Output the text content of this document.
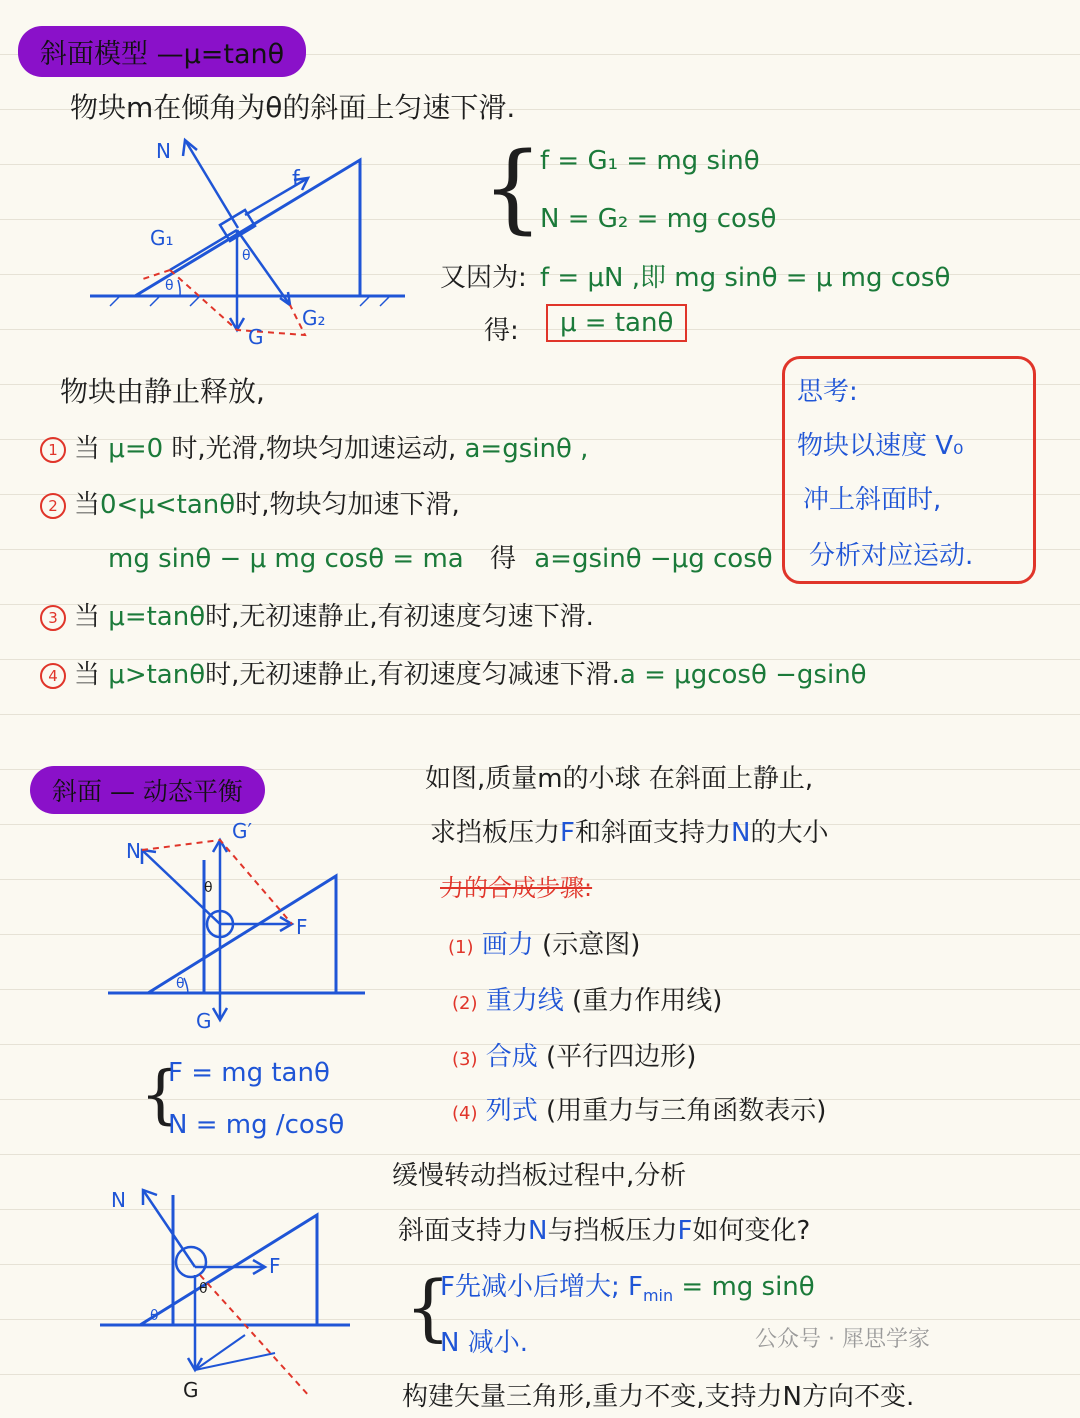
斜面模型 —μ=tanθ
物块m在倾角为θ的斜面上匀速下滑.
θ
θ
N
f
G₁
G₂
G
{
f = G₁ = mg sinθ
N = G₂ = mg cosθ
又因为: f = μN ,即 mg sinθ = μ mg cosθ
得:	μ = tanθ
物块由静止释放,
1 当 μ=0 时,光滑,物块匀加速运动, a=gsinθ ,
2 当0<μ<tanθ时,物块匀加速下滑,
mg sinθ − μ mg cosθ = ma 得 a=gsinθ −μg cosθ
3 当 μ=tanθ时,无初速静止,有初速度匀速下滑.
4 当 μ>tanθ时,无初速静止,有初速度匀减速下滑.a = μgcosθ −gsinθ
思考:
物块以速度 V₀
冲上斜面时,
分析对应运动.
斜面 — 动态平衡	如图,质量m的小球 在斜面上静止,
求挡板压力F和斜面支持力N的大小
力的合成步骤:
(1) 画力 (示意图)
(2) 重力线 (重力作用线)
(3) 合成 (平行四边形)
(4) 列式 (用重力与三角函数表示)
θ
θ
N
G′
F
G
{
F = mg tanθ
N = mg /cosθ
缓慢转动挡板过程中,分析
斜面支持力N与挡板压力F如何变化?
{
F先减小后增大; $F_{min}$ = mg sinθ
N 减小.
构建矢量三角形,重力不变,支持力N方向不变.
θ
θ
N
F
G
公众号 · 犀思学家
